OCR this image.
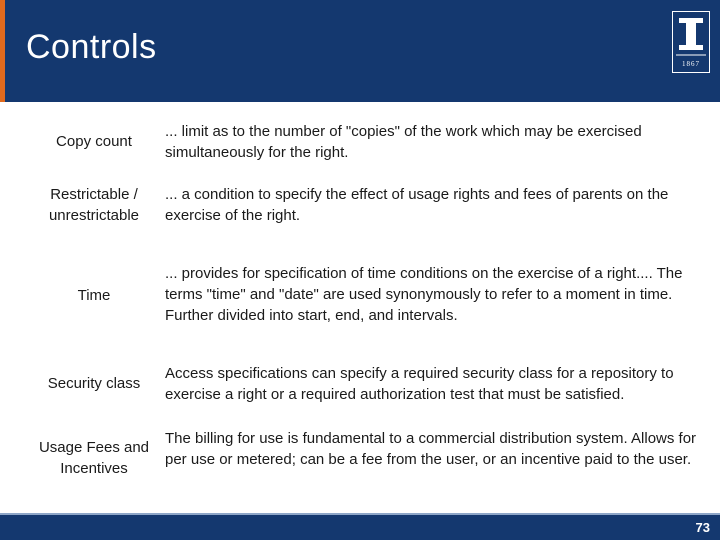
Controls	1867
Copy count
... limit as to the number of "copies" of the work which may be exercised simultaneously for the right.
Restrictable / unrestrictable
... a condition to specify the effect of usage rights and fees of parents on the exercise of the right.
Time
... provides for specification of time conditions on the exercise of a right.... The terms "time" and "date" are used synonymously to refer to a moment in time. Further divided into start, end, and intervals.
Security class
Access specifications can specify a required security class for a repository to exercise a right or a required authorization test that must be satisfied.
Usage Fees and Incentives
The billing for use is fundamental to a commercial distribution system. Allows for per use or metered; can be a fee from the user, or an incentive paid to the user.
73
